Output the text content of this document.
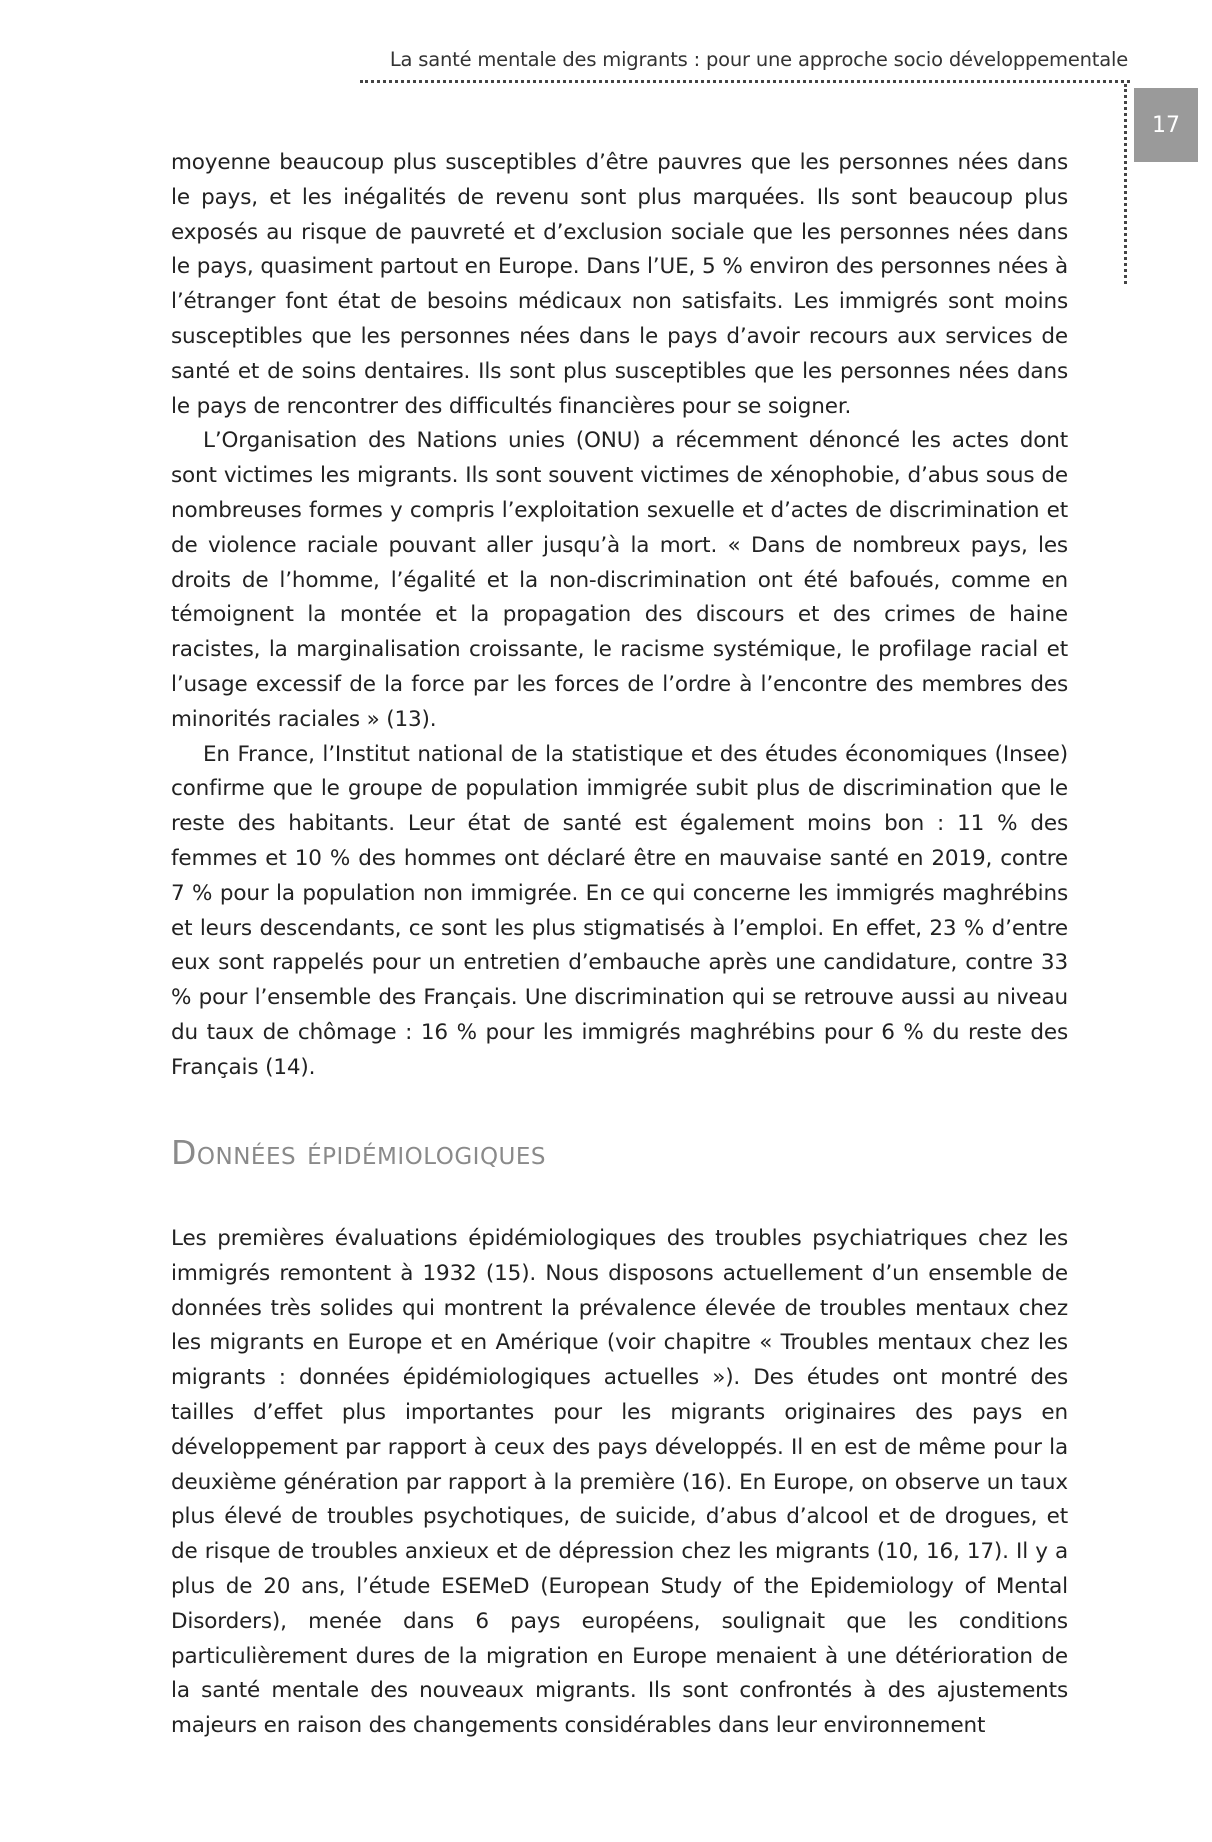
La santé mentale des migrants : pour une approche socio développementale
17

moyenne beaucoup plus susceptibles d’être pauvres que les personnes nées dans le pays, et les inégalités de revenu sont plus marquées. Ils sont beaucoup plus exposés au risque de pauvreté et d’exclusion sociale que les personnes nées dans le pays, quasiment partout en Europe. Dans l’UE, 5 % environ des personnes nées à l’étranger font état de besoins médicaux non satisfaits. Les immigrés sont moins susceptibles que les personnes nées dans le pays d’avoir recours aux services de santé et de soins dentaires. Ils sont plus susceptibles que les personnes nées dans le pays de rencontrer des difficultés financières pour se soigner.

L’Organisation des Nations unies (ONU) a récemment dénoncé les actes dont sont victimes les migrants. Ils sont souvent victimes de xénophobie, d’abus sous de nombreuses formes y compris l’exploitation sexuelle et d’actes de discrimination et de violence raciale pouvant aller jusqu’à la mort. « Dans de nombreux pays, les droits de l’homme, l’égalité et la non-discrimination ont été bafoués, comme en témoignent la montée et la propagation des discours et des crimes de haine racistes, la marginalisation croissante, le racisme systémique, le profilage racial et l’usage excessif de la force par les forces de l’ordre à l’encontre des membres des minorités raciales » (13).

En France, l’Institut national de la statistique et des études économiques (Insee) confirme que le groupe de population immigrée subit plus de discrimination que le reste des habitants. Leur état de santé est également moins bon : 11 % des femmes et 10 % des hommes ont déclaré être en mauvaise santé en 2019, contre 7 % pour la population non immigrée. En ce qui concerne les immigrés maghrébins et leurs descendants, ce sont les plus stigmatisés à l’emploi. En effet, 23 % d’entre eux sont rappelés pour un entretien d’embauche après une candidature, contre 33 % pour l’ensemble des Français. Une discrimination qui se retrouve aussi au niveau du taux de chômage : 16 % pour les immigrés maghrébins pour 6 % du reste des Français (14).

Données épidémiologiques

Les premières évaluations épidémiologiques des troubles psychiatriques chez les immigrés remontent à 1932 (15). Nous disposons actuellement d’un ensemble de données très solides qui montrent la prévalence élevée de troubles mentaux chez les migrants en Europe et en Amérique (voir chapitre « Troubles mentaux chez les migrants : données épidémiologiques actuelles »). Des études ont montré des tailles d’effet plus importantes pour les migrants originaires des pays en développement par rapport à ceux des pays développés. Il en est de même pour la deuxième génération par rapport à la première (16). En Europe, on observe un taux plus élevé de troubles psychotiques, de suicide, d’abus d’alcool et de drogues, et de risque de troubles anxieux et de dépression chez les migrants (10, 16, 17). Il y a plus de 20 ans, l’étude ESEMeD (European Study of the Epidemiology of Mental Disorders), menée dans 6 pays européens, soulignait que les conditions particulièrement dures de la migration en Europe menaient à une détérioration de la santé mentale des nouveaux migrants. Ils sont confrontés à des ajustements majeurs en raison des changements considérables dans leur environnement
